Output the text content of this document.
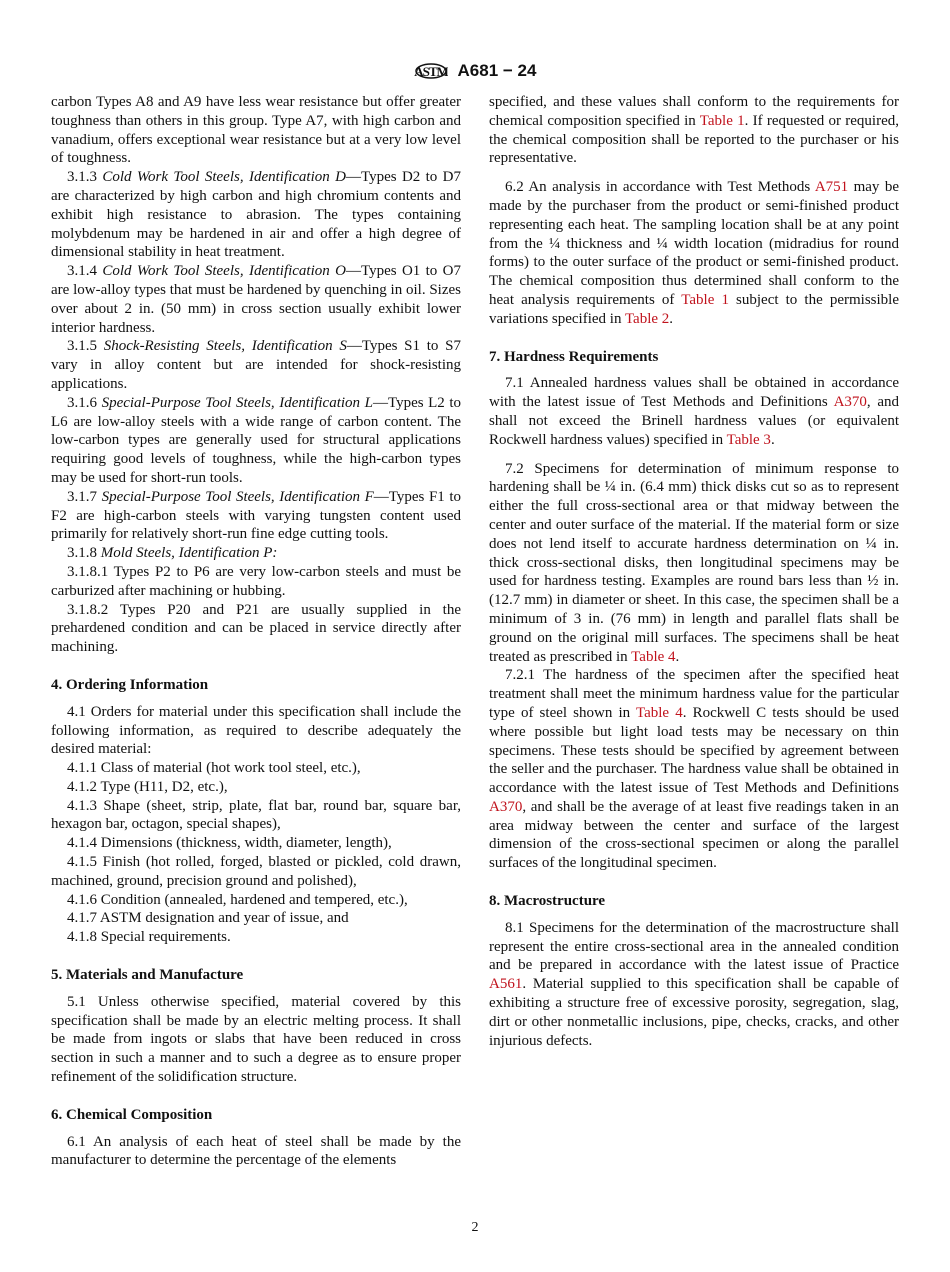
ASTM A681 − 24
carbon Types A8 and A9 have less wear resistance but offer greater toughness than others in this group. Type A7, with high carbon and vanadium, offers exceptional wear resistance but at a very low level of toughness.
3.1.3 Cold Work Tool Steels, Identification D—Types D2 to D7 are characterized by high carbon and high chromium contents and exhibit high resistance to abrasion. The types containing molybdenum may be hardened in air and offer a high degree of dimensional stability in heat treatment.
3.1.4 Cold Work Tool Steels, Identification O—Types O1 to O7 are low-alloy types that must be hardened by quenching in oil. Sizes over about 2 in. (50 mm) in cross section usually exhibit lower interior hardness.
3.1.5 Shock-Resisting Steels, Identification S—Types S1 to S7 vary in alloy content but are intended for shock-resisting applications.
3.1.6 Special-Purpose Tool Steels, Identification L—Types L2 to L6 are low-alloy steels with a wide range of carbon content. The low-carbon types are generally used for structural applications requiring good levels of toughness, while the high-carbon types may be used for short-run tools.
3.1.7 Special-Purpose Tool Steels, Identification F—Types F1 to F2 are high-carbon steels with varying tungsten content used primarily for relatively short-run fine edge cutting tools.
3.1.8 Mold Steels, Identification P:
3.1.8.1 Types P2 to P6 are very low-carbon steels and must be carburized after machining or hubbing.
3.1.8.2 Types P20 and P21 are usually supplied in the prehardened condition and can be placed in service directly after machining.
4. Ordering Information
4.1 Orders for material under this specification shall include the following information, as required to describe adequately the desired material:
4.1.1 Class of material (hot work tool steel, etc.),
4.1.2 Type (H11, D2, etc.),
4.1.3 Shape (sheet, strip, plate, flat bar, round bar, square bar, hexagon bar, octagon, special shapes),
4.1.4 Dimensions (thickness, width, diameter, length),
4.1.5 Finish (hot rolled, forged, blasted or pickled, cold drawn, machined, ground, precision ground and polished),
4.1.6 Condition (annealed, hardened and tempered, etc.),
4.1.7 ASTM designation and year of issue, and
4.1.8 Special requirements.
5. Materials and Manufacture
5.1 Unless otherwise specified, material covered by this specification shall be made by an electric melting process. It shall be made from ingots or slabs that have been reduced in cross section in such a manner and to such a degree as to ensure proper refinement of the solidification structure.
6. Chemical Composition
6.1 An analysis of each heat of steel shall be made by the manufacturer to determine the percentage of the elements
specified, and these values shall conform to the requirements for chemical composition specified in Table 1. If requested or required, the chemical composition shall be reported to the purchaser or his representative.
6.2 An analysis in accordance with Test Methods A751 may be made by the purchaser from the product or semi-finished product representing each heat. The sampling location shall be at any point from the ¼ thickness and ¼ width location (midradius for round forms) to the outer surface of the product or semi-finished product. The chemical composition thus determined shall conform to the heat analysis requirements of Table 1 subject to the permissible variations specified in Table 2.
7. Hardness Requirements
7.1 Annealed hardness values shall be obtained in accordance with the latest issue of Test Methods and Definitions A370, and shall not exceed the Brinell hardness values (or equivalent Rockwell hardness values) specified in Table 3.
7.2 Specimens for determination of minimum response to hardening shall be ¼ in. (6.4 mm) thick disks cut so as to represent either the full cross-sectional area or that midway between the center and outer surface of the material. If the material form or size does not lend itself to accurate hardness determination on ¼ in. thick cross-sectional disks, then longitudinal specimens may be used for hardness testing. Examples are round bars less than ½ in. (12.7 mm) in diameter or sheet. In this case, the specimen shall be a minimum of 3 in. (76 mm) in length and parallel flats shall be ground on the original mill surfaces. The specimens shall be heat treated as prescribed in Table 4.
7.2.1 The hardness of the specimen after the specified heat treatment shall meet the minimum hardness value for the particular type of steel shown in Table 4. Rockwell C tests should be used where possible but light load tests may be necessary on thin specimens. These tests should be specified by agreement between the seller and the purchaser. The hardness value shall be obtained in accordance with the latest issue of Test Methods and Definitions A370, and shall be the average of at least five readings taken in an area midway between the center and surface of the largest dimension of the cross-sectional specimen or along the parallel surfaces of the longitudinal specimen.
8. Macrostructure
8.1 Specimens for the determination of the macrostructure shall represent the entire cross-sectional area in the annealed condition and be prepared in accordance with the latest issue of Practice A561. Material supplied to this specification shall be capable of exhibiting a structure free of excessive porosity, segregation, slag, dirt or other nonmetallic inclusions, pipe, checks, cracks, and other injurious defects.
2
